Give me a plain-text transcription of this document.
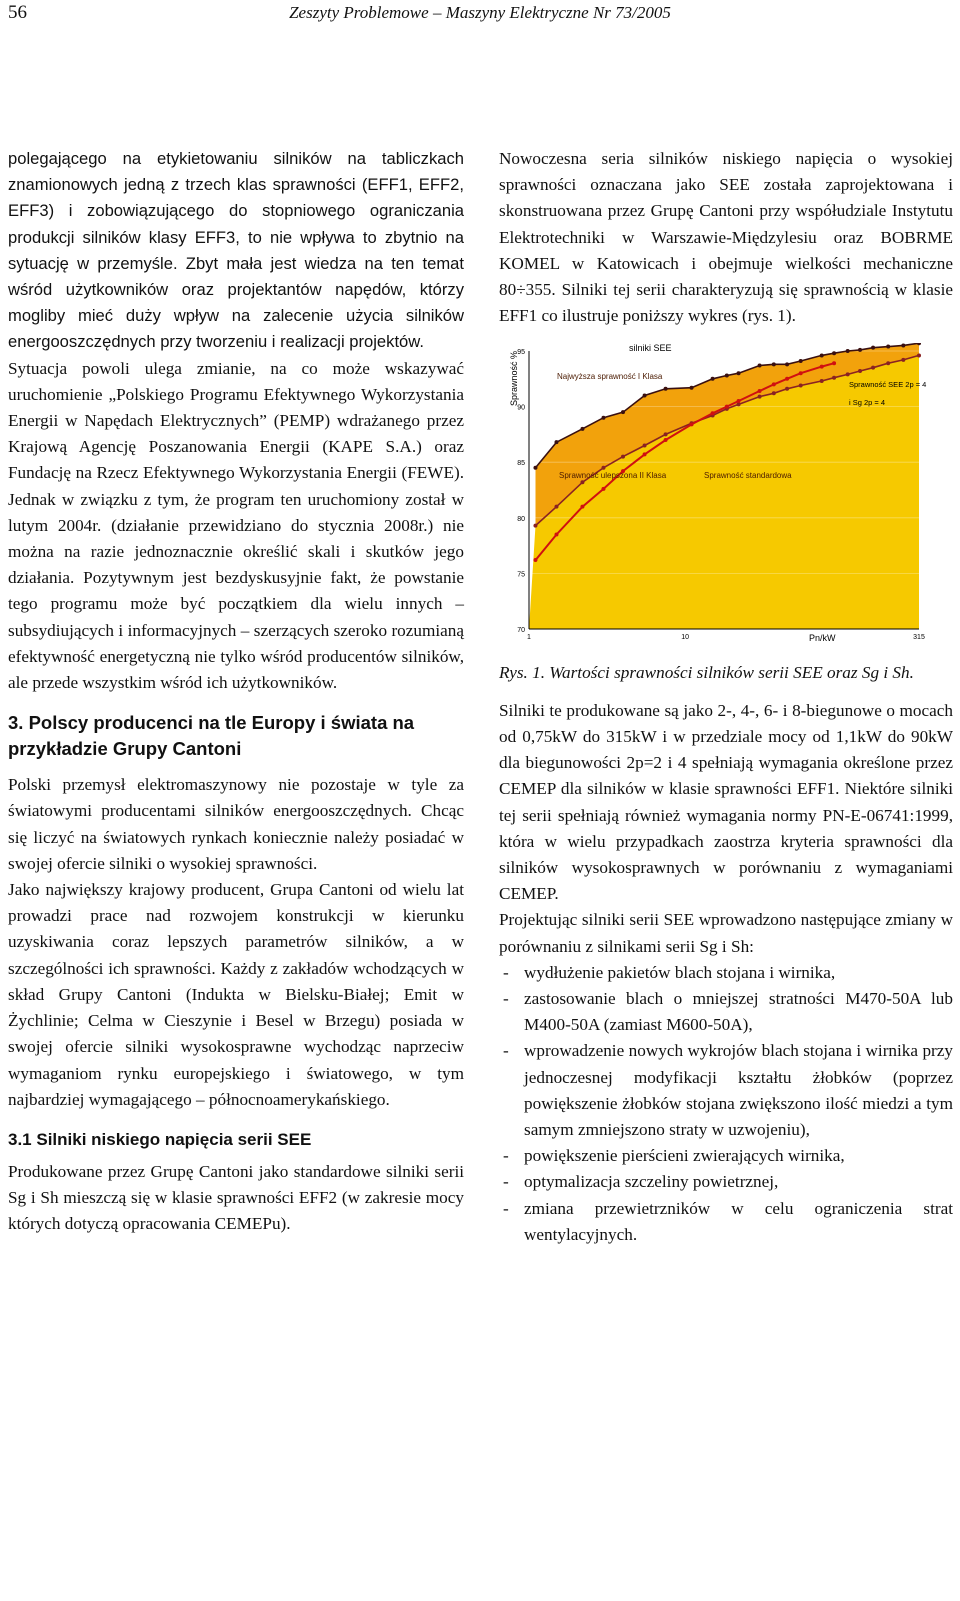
56	Zeszyty Problemowe – Maszyny Elektryczne Nr 73/2005

polegającego na etykietowaniu silników na tabliczkach znamionowych jedną z trzech klas sprawności (EFF1, EFF2, EFF3) i zobowiązującego do stopniowego ograniczania produkcji silników klasy EFF3, to nie wpływa to zbytnio na sytuację w przemyśle. Zbyt mała jest wiedza na ten temat wśród użytkowników oraz projektantów napędów, którzy mogliby mieć duży wpływ na zalecenie użycia silników energooszczędnych przy tworzeniu i realizacji projektów.

Sytuacja powoli ulega zmianie, na co może wskazywać uruchomienie „Polskiego Programu Efektywnego Wykorzystania Energii w Napędach Elektrycznych” (PEMP) wdrażanego przez Krajową Agencję Poszanowania Energii (KAPE S.A.) oraz Fundację na Rzecz Efektywnego Wykorzystania Energii (FEWE). Jednak w związku z tym, że program ten uruchomiony został w lutym 2004r. (działanie przewidziano do stycznia 2008r.) nie można na razie jednoznacznie określić skali i skutków jego działania. Pozytywnym jest bezdyskusyjnie fakt, że powstanie tego programu może być początkiem dla wielu innych – subsydiujących i informacyjnych – szerzących szeroko rozumianą efektywność energetyczną nie tylko wśród producentów silników, ale przede wszystkim wśród ich użytkowników.

3. Polscy producenci na tle Europy i świata na przykładzie Grupy Cantoni

Polski przemysł elektromaszynowy nie pozostaje w tyle za światowymi producentami silników energooszczędnych. Chcąc się liczyć na światowych rynkach koniecznie należy posiadać w swojej ofercie silniki o wysokiej sprawności.

Jako największy krajowy producent, Grupa Cantoni od wielu lat prowadzi prace nad rozwojem konstrukcji w kierunku uzyskiwania coraz lepszych parametrów silników, a w szczególności ich sprawności. Każdy z zakładów wchodzących w skład Grupy Cantoni (Indukta w Bielsku-Białej; Emit w Żychlinie; Celma w Cieszynie i Besel w Brzegu) posiada w swojej ofercie silniki wysokosprawne wychodząc naprzeciw wymaganiom rynku europejskiego i światowego, w tym najbardziej wymagającego – północnoamerykańskiego.

3.1 Silniki niskiego napięcia serii SEE

Produkowane przez Grupę Cantoni jako standardowe silniki serii Sg i Sh mieszczą się w klasie sprawności EFF2 (w zakresie mocy których dotyczą opracowania CEMEPu).

Nowoczesna seria silników niskiego napięcia o wysokiej sprawności oznaczana jako SEE została zaprojektowana i skonstruowana przez Grupę Cantoni przy współudziale Instytutu Elektrotechniki w Warszawie-Międzylesiu oraz BOBRME KOMEL w Katowicach i obejmuje wielkości mechaniczne 80÷355. Silniki tej serii charakteryzują się sprawnością w klasie EFF1 co ilustruje poniższy wykres (rys. 1).

Sprawność %
Pn/kW
silniki SEE
Najwyższa sprawność I Klasa
Sprawność ulepszona II Klasa	Sprawność standardowa
Sprawność SEE 2p = 4
i Sg 2p = 4
70
75
80
85
90
95
1	10	315

Rys. 1. Wartości sprawności silników serii SEE oraz Sg i Sh.

Silniki te produkowane są jako 2-, 4-, 6- i 8-biegunowe o mocach od 0,75kW do 315kW i w przedziale mocy od 1,1kW do 90kW dla biegunowości 2p=2 i 4 spełniają wymagania określone przez CEMEP dla silników w klasie sprawności EFF1. Niektóre silniki tej serii spełniają również wymagania normy PN-E-06741:1999, która w wielu przypadkach zaostrza kryteria sprawności dla silników wysokosprawnych w porównaniu z wymaganiami CEMEP.

Projektując silniki serii SEE wprowadzono następujące zmiany w porównaniu z silnikami serii Sg i Sh:

- wydłużenie pakietów blach stojana i wirnika,
- zastosowanie blach o mniejszej stratności M470-50A lub M400-50A (zamiast M600-50A),
- wprowadzenie nowych wykrojów blach stojana i wirnika przy jednoczesnej modyfikacji kształtu żłobków (poprzez powiększenie żłobków stojana zwiększono ilość miedzi a tym samym zmniejszono straty w uzwojeniu),
- powiększenie pierścieni zwierających wirnika,
- optymalizacja szczeliny powietrznej,
- zmiana przewietrzników w celu ograniczenia strat wentylacyjnych.
